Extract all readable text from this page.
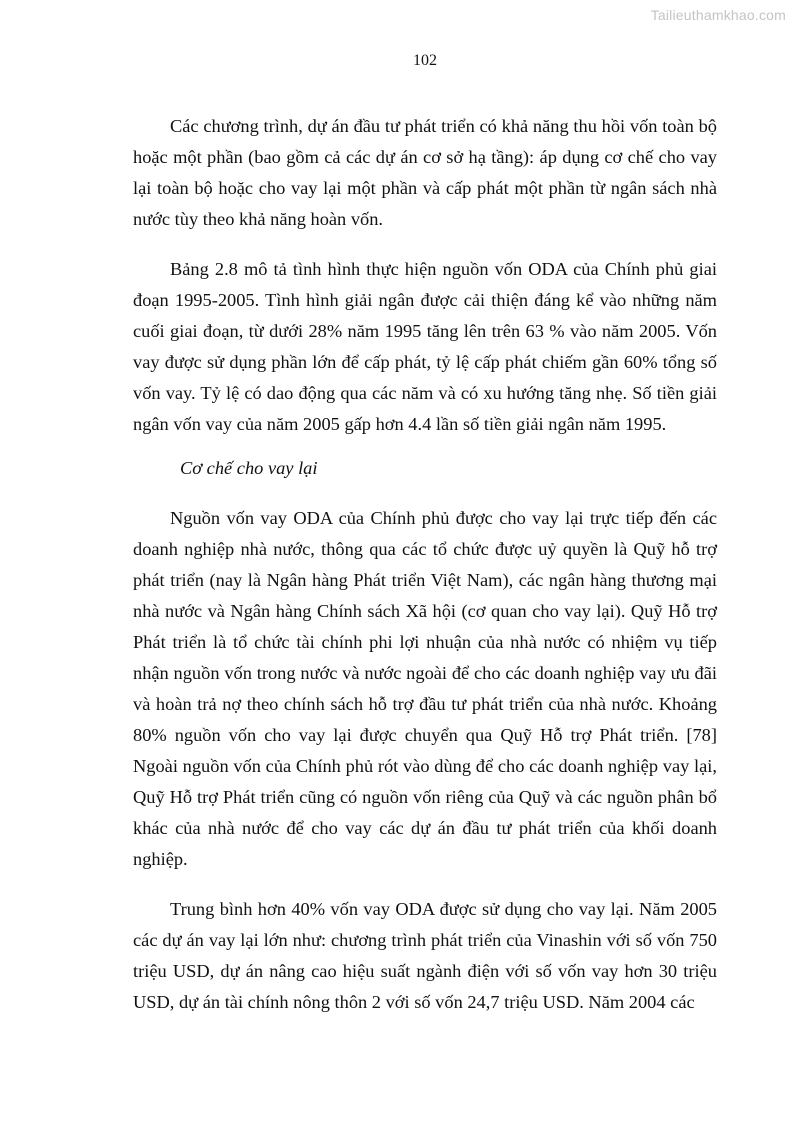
Tailieuthamkhao.com
102

Các chương trình, dự án đầu tư phát triển có khả năng thu hồi vốn toàn bộ hoặc một phần (bao gồm cả các dự án cơ sở hạ tầng): áp dụng cơ chế cho vay lại toàn bộ hoặc cho vay lại một phần và cấp phát một phần từ ngân sách nhà nước tùy theo khả năng hoàn vốn.

Bảng 2.8 mô tả tình hình thực hiện nguồn vốn ODA của Chính phủ giai đoạn 1995-2005. Tình hình giải ngân được cải thiện đáng kể vào những năm cuối giai đoạn, từ dưới 28% năm 1995 tăng lên trên 63 % vào năm 2005. Vốn vay được sử dụng phần lớn để cấp phát, tỷ lệ cấp phát chiếm gần 60% tổng số vốn vay. Tỷ lệ có dao động qua các năm và có xu hướng tăng nhẹ. Số tiền giải ngân vốn vay của năm 2005 gấp hơn 4.4 lần số tiền giải ngân năm 1995.

Cơ chế cho vay lại

Nguồn vốn vay ODA của Chính phủ được cho vay lại trực tiếp đến các doanh nghiệp nhà nước, thông qua các tổ chức được uỷ quyền là Quỹ hỗ trợ phát triển (nay là Ngân hàng Phát triển Việt Nam), các ngân hàng thương mại nhà nước và Ngân hàng Chính sách Xã hội (cơ quan cho vay lại). Quỹ Hỗ trợ Phát triển là tổ chức tài chính phi lợi nhuận của nhà nước có nhiệm vụ tiếp nhận nguồn vốn trong nước và nước ngoài để cho các doanh nghiệp vay ưu đãi và hoàn trả nợ theo chính sách hỗ trợ đầu tư phát triển của nhà nước. Khoảng 80% nguồn vốn cho vay lại được chuyển qua Quỹ Hỗ trợ Phát triển. [78] Ngoài nguồn vốn của Chính phủ rót vào dùng để cho các doanh nghiệp vay lại, Quỹ Hỗ trợ Phát triển cũng có nguồn vốn riêng của Quỹ và các nguồn phân bổ khác của nhà nước để cho vay các dự án đầu tư phát triển của khối doanh nghiệp.

Trung bình hơn 40% vốn vay ODA được sử dụng cho vay lại. Năm 2005 các dự án vay lại lớn như: chương trình phát triển của Vinashin với số vốn 750 triệu USD, dự án nâng cao hiệu suất ngành điện với số vốn vay hơn 30 triệu USD, dự án tài chính nông thôn 2 với số vốn 24,7 triệu USD. Năm 2004 các
